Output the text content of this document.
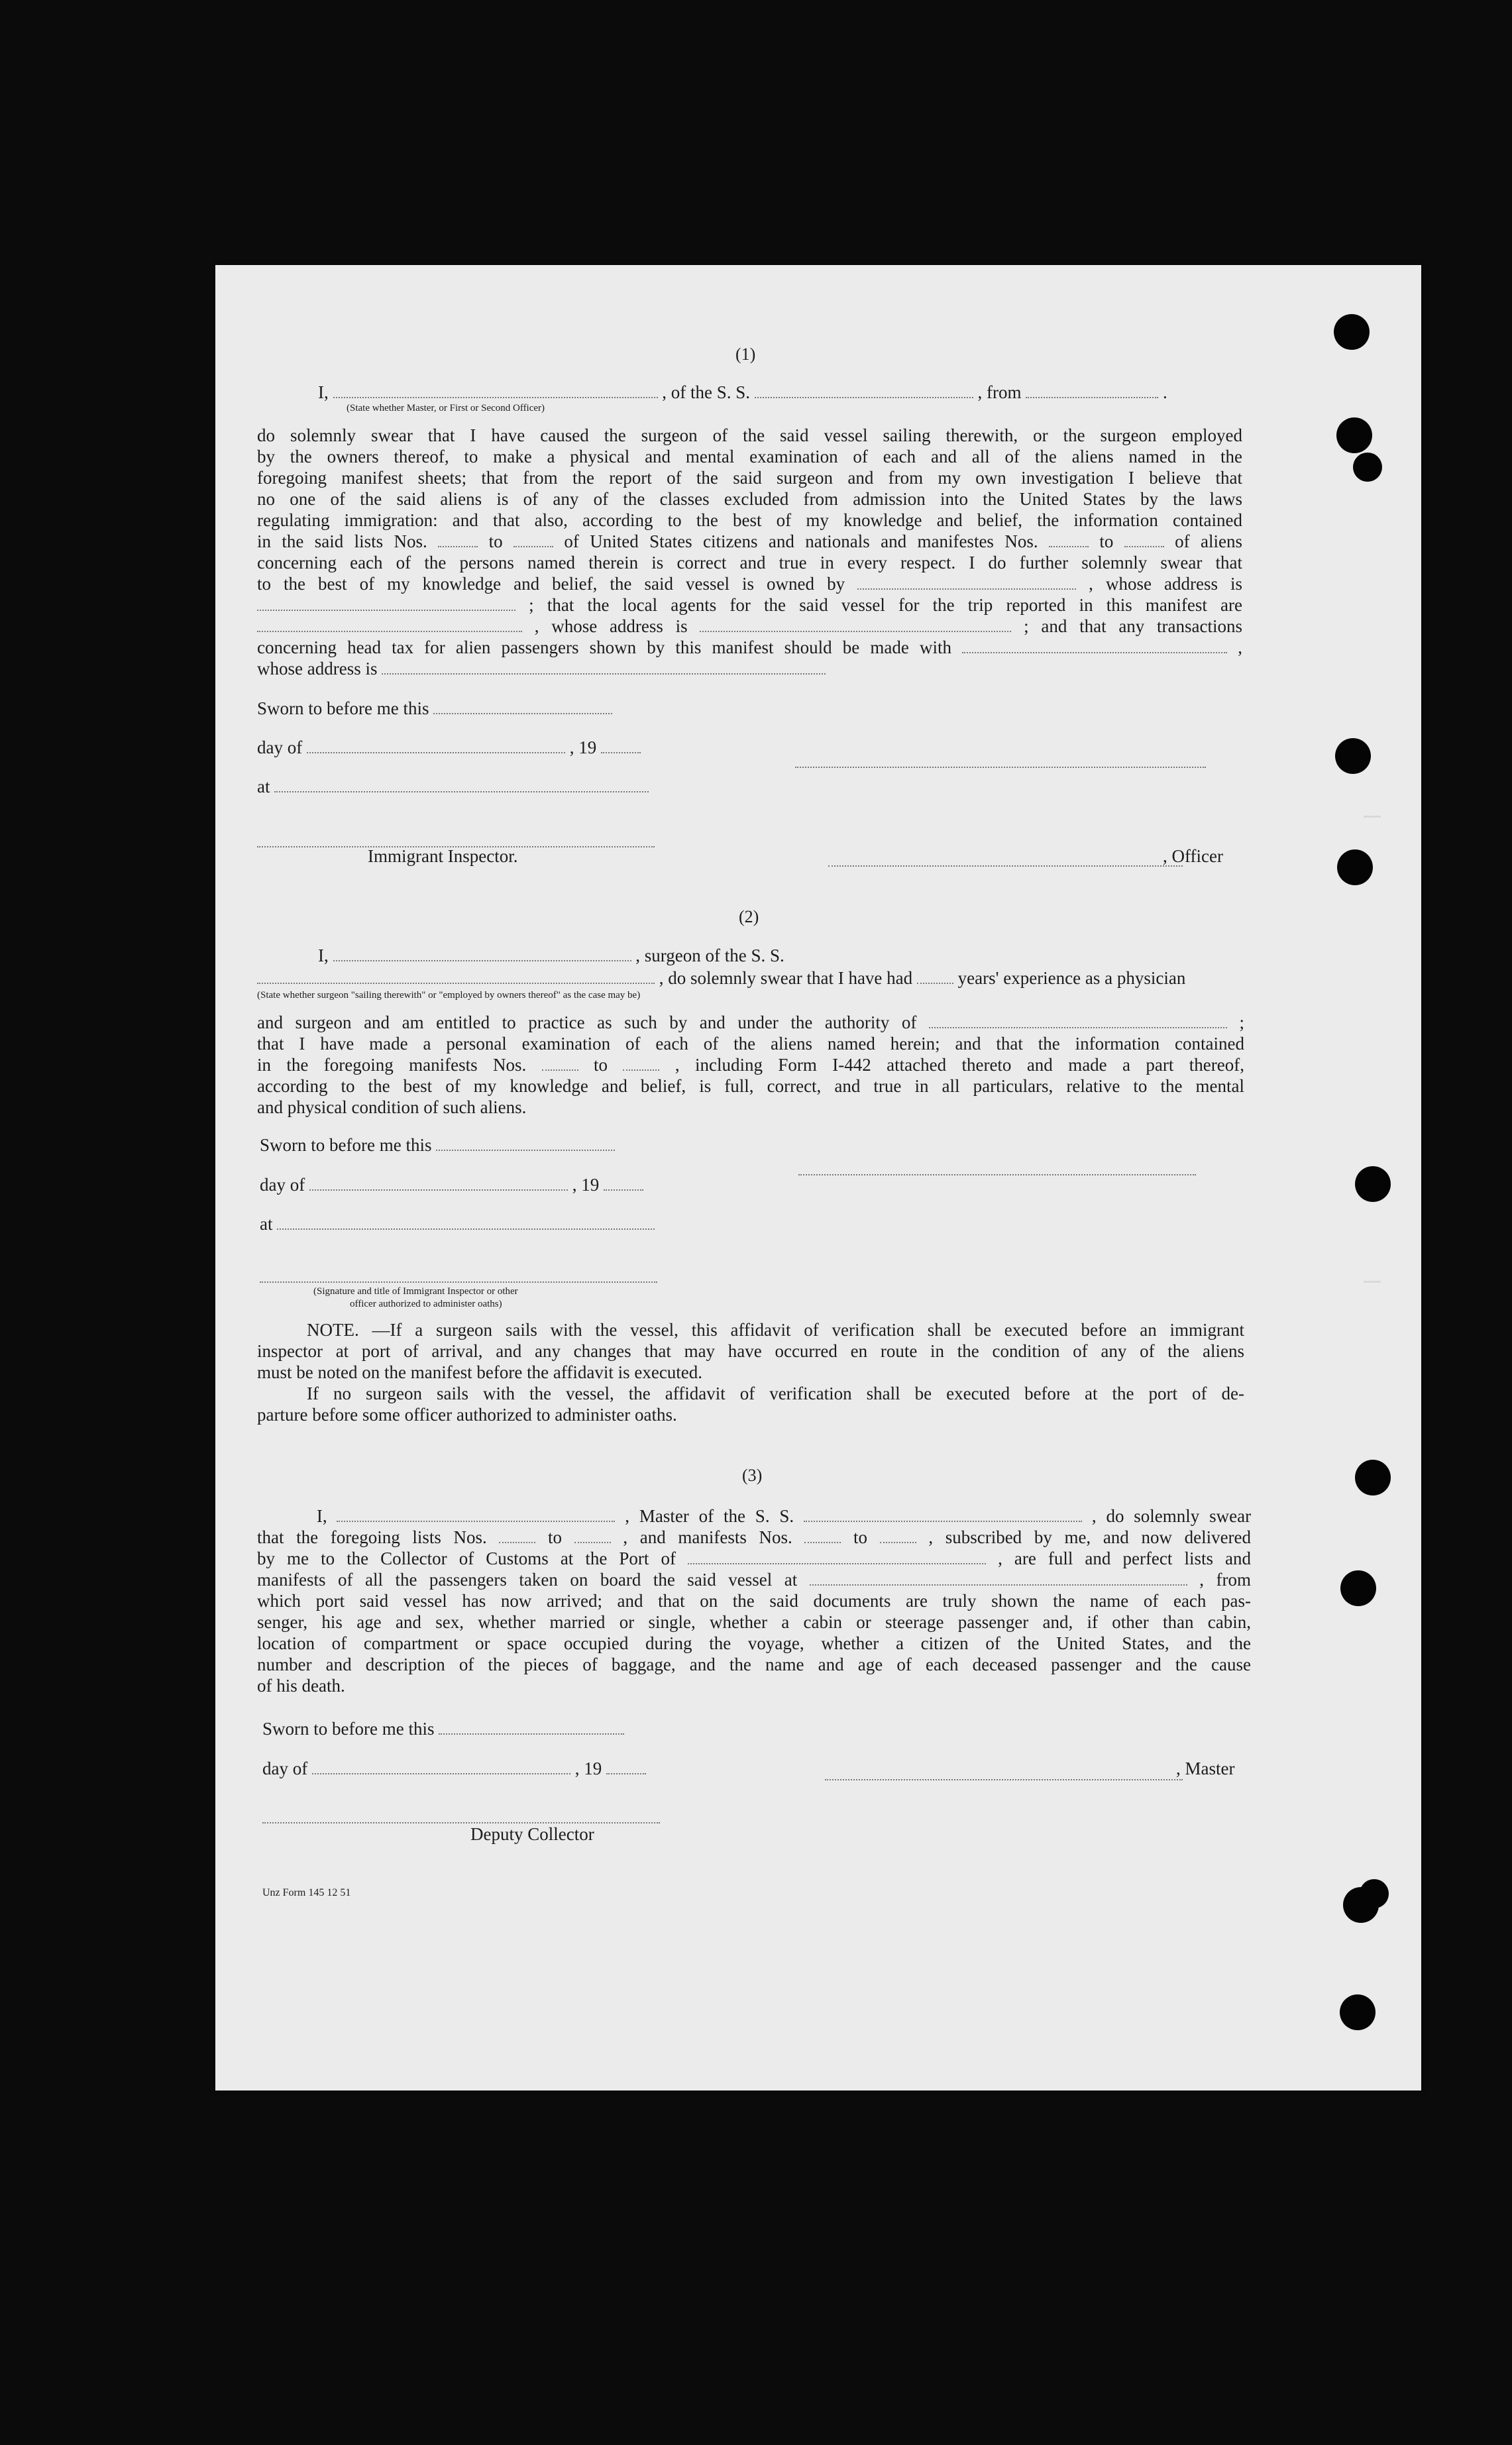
(1)
I,	, of the S. S.	, from	.
(State whether Master, or First or Second Officer)
do solemnly swear that I have caused the surgeon of the said vessel sailing therewith, or the surgeon employed
by the owners thereof, to make a physical and mental examination of each and all of the aliens named in the
foregoing manifest sheets; that from the report of the said surgeon and from my own investigation I believe that
no one of the said aliens is of any of the classes excluded from admission into the United States by the laws
regulating immigration: and that also, according to the best of my knowledge and belief, the information contained
in the said lists Nos.	to	of United States citizens and nationals and manifestes Nos.	to	of aliens
concerning each of the persons named therein is correct and true in every respect. I do further solemnly swear that
to the best of my knowledge and belief, the said vessel is owned by	, whose address is
; that the local agents for the said vessel for the trip reported in this manifest are
, whose address is	; and that any transactions
concerning head tax for alien passengers shown by this manifest should be made with	,
whose address is
Sworn to before me this
day of	, 19
at
Immigrant Inspector.	, Officer
(2)
I,	, surgeon of the S. S.
, do solemnly swear that I have had	years' experience as a physician
(State whether surgeon "sailing therewith" or "employed by owners thereof" as the case may be)
and surgeon and am entitled to practice as such by and under the authority of	;
that I have made a personal examination of each of the aliens named herein; and that the information contained
in the foregoing manifests Nos.	to	, including Form I-442 attached thereto and made a part thereof,
according to the best of my knowledge and belief, is full, correct, and true in all particulars, relative to the mental
and physical condition of such aliens.
Sworn to before me this
day of	, 19
at
(Signature and title of Immigrant Inspector or other
officer authorized to administer oaths)
NOTE. —If a surgeon sails with the vessel, this affidavit of verification shall be executed before an immigrant
inspector at port of arrival, and any changes that may have occurred en route in the condition of any of the aliens
must be noted on the manifest before the affidavit is executed.
If no surgeon sails with the vessel, the affidavit of verification shall be executed before at the port of de-
parture before some officer authorized to administer oaths.
(3)
I,	, Master of the S. S.	, do solemnly swear
that the foregoing lists Nos.	to	, and manifests Nos.	to	, subscribed by me, and now delivered
by me to the Collector of Customs at the Port of	, are full and perfect lists and
manifests of all the passengers taken on board the said vessel at	, from
which port said vessel has now arrived; and that on the said documents are truly shown the name of each pas-
senger, his age and sex, whether married or single, whether a cabin or steerage passenger and, if other than cabin,
location of compartment or space occupied during the voyage, whether a citizen of the United States, and the
number and description of the pieces of baggage, and the name and age of each deceased passenger and the cause
of his death.
Sworn to before me this
day of	, 19	, Master
Deputy Collector
Unz Form 145 12 51
